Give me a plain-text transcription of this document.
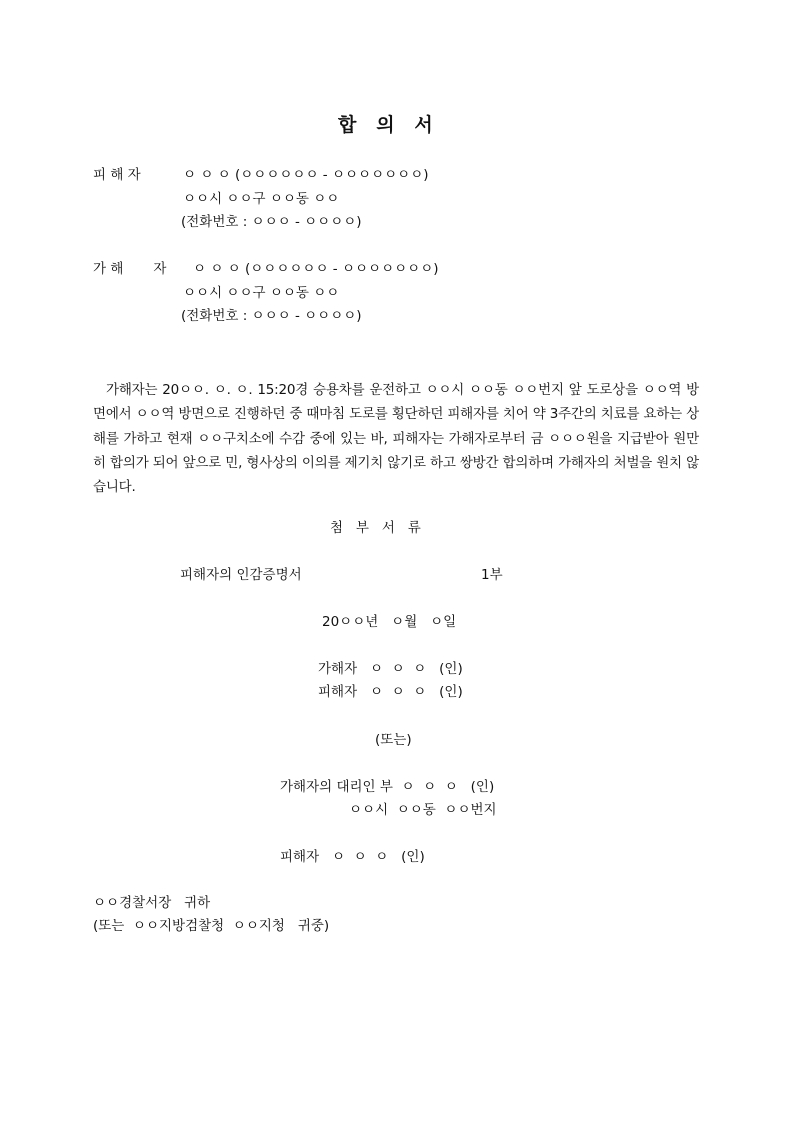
합   의   서
피 해 자	ㅇ ㅇ ㅇ (ㅇㅇㅇㅇㅇㅇ - ㅇㅇㅇㅇㅇㅇㅇ)
ㅇㅇ시 ㅇㅇ구 ㅇㅇ동 ㅇㅇ
(전화번호 : ㅇㅇㅇ - ㅇㅇㅇㅇ)
가 해       자 ㅇ ㅇ ㅇ (ㅇㅇㅇㅇㅇㅇ - ㅇㅇㅇㅇㅇㅇㅇ)
ㅇㅇ시 ㅇㅇ구 ㅇㅇ동 ㅇㅇ
(전화번호 : ㅇㅇㅇ - ㅇㅇㅇㅇ)
가해자는 20ㅇㅇ. ㅇ. ㅇ. 15:20경 승용차를 운전하고 ㅇㅇ시 ㅇㅇ동 ㅇㅇ번지 앞 도로상을 ㅇㅇ역 방면에서 ㅇㅇ역 방면으로 진행하던 중 때마침 도로를 횡단하던 피해자를 치어 약 3주간의 치료를 요하는 상해를 가하고 현재 ㅇㅇ구치소에 수감 중에 있는 바, 피해자는 가해자로부터 금 ㅇㅇㅇ원을 지급받아 원만히 합의가 되어 앞으로 민, 형사상의 이의를 제기치 않기로 하고 쌍방간 합의하며 가해자의 처벌을 원치 않습니다.
첨   부   서   류
피해자의 인감증명서	1부
20ㅇㅇ년   ㅇ월   ㅇ일
가해자   ㅇ  ㅇ  ㅇ   (인)
피해자   ㅇ  ㅇ  ㅇ   (인)
(또는)
가해자의 대리인 부  ㅇ  ㅇ  ㅇ   (인)
ㅇㅇ시  ㅇㅇ동  ㅇㅇ번지
피해자   ㅇ  ㅇ  ㅇ   (인)
ㅇㅇ경찰서장   귀하
(또는  ㅇㅇ지방검찰청  ㅇㅇ지청   귀중)
